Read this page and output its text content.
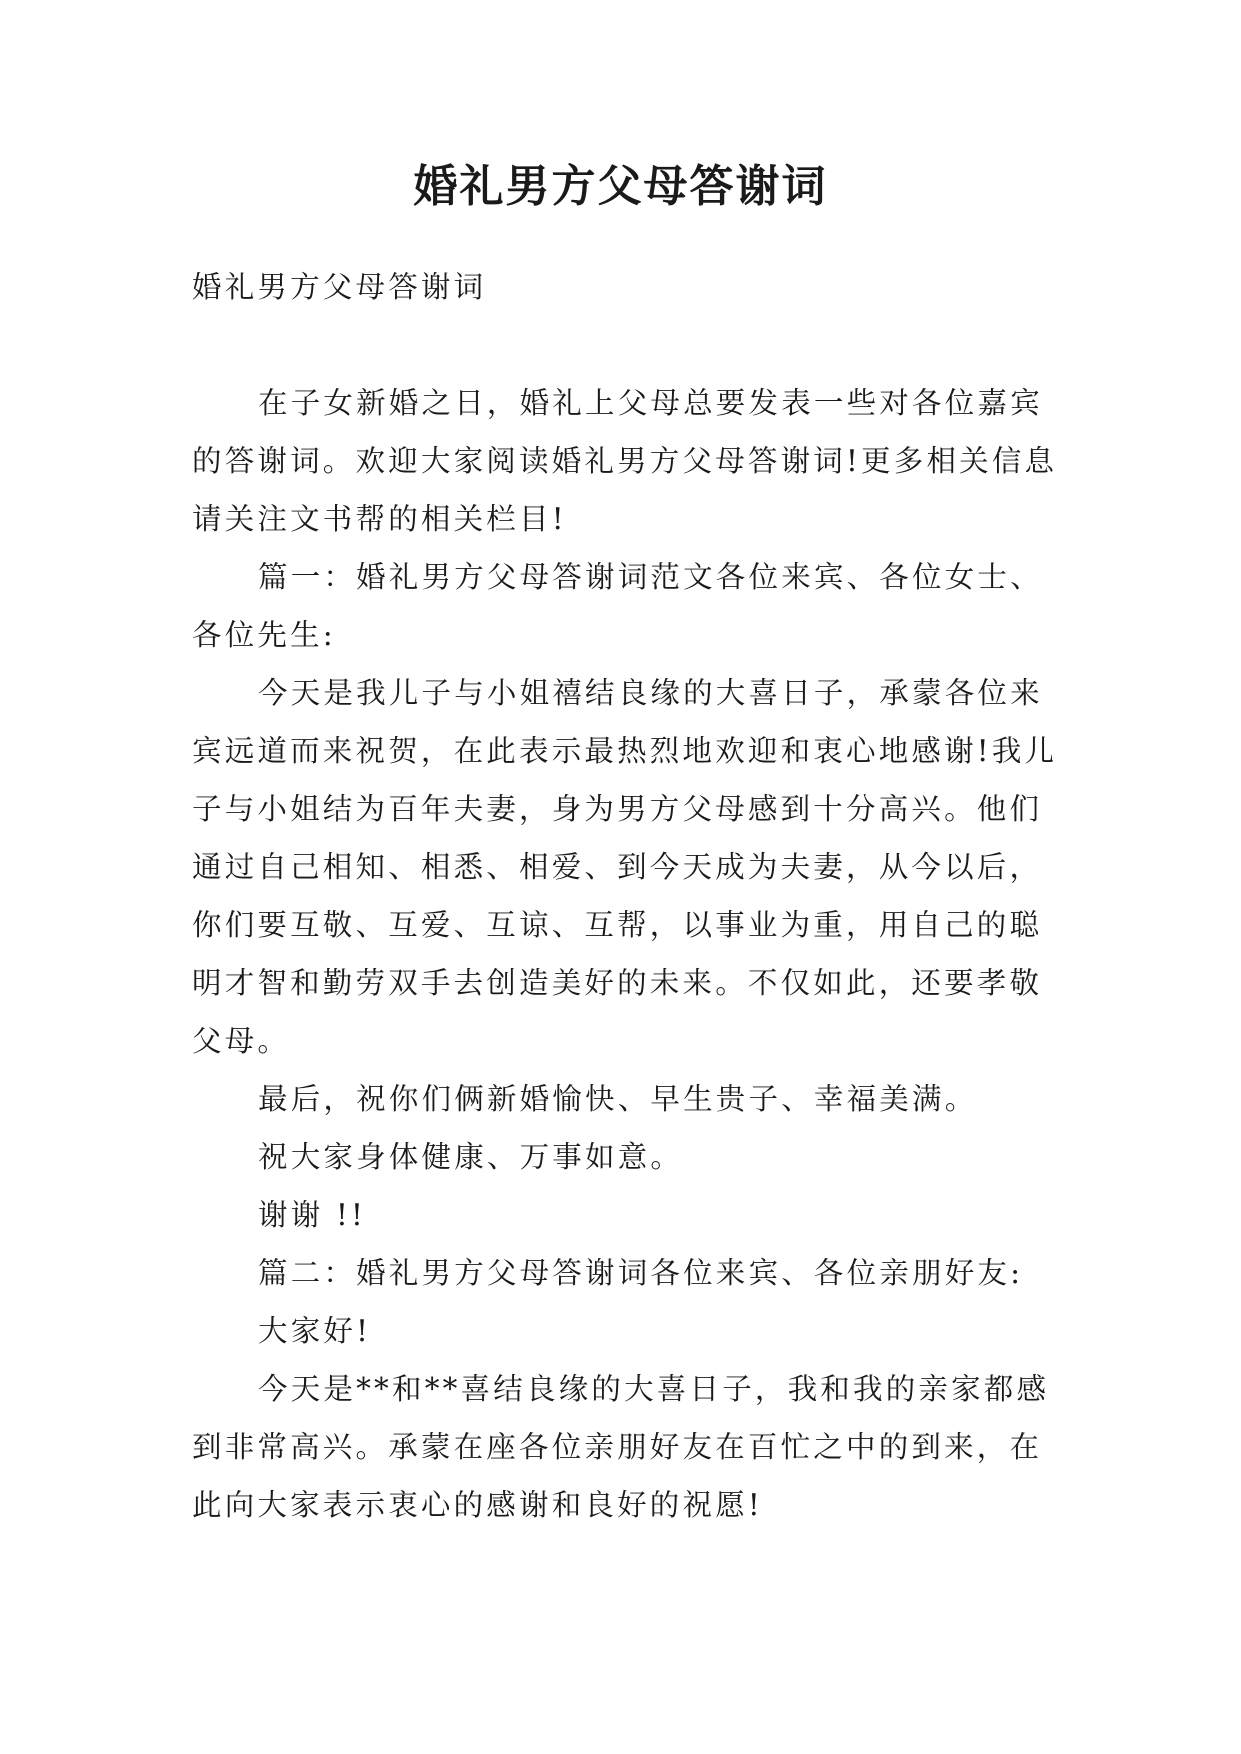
婚礼男方父母答谢词

婚礼男方父母答谢词

在子女新婚之日，婚礼上父母总要发表一些对各位嘉宾的答谢词。欢迎大家阅读婚礼男方父母答谢词!更多相关信息请关注文书帮的相关栏目!

篇一：婚礼男方父母答谢词范文各位来宾、各位女士、各位先生:

今天是我儿子与小姐禧结良缘的大喜日子，承蒙各位来宾远道而来祝贺，在此表示最热烈地欢迎和衷心地感谢!我儿子与小姐结为百年夫妻，身为男方父母感到十分高兴。他们通过自己相知、相悉、相爱、到今天成为夫妻，从今以后，你们要互敬、互爱、互谅、互帮，以事业为重，用自己的聪明才智和勤劳双手去创造美好的未来。不仅如此，还要孝敬父母。

最后，祝你们俩新婚愉快、早生贵子、幸福美满。

祝大家身体健康、万事如意。

谢谢 !!

篇二：婚礼男方父母答谢词各位来宾、各位亲朋好友:

大家好!

今天是**和**喜结良缘的大喜日子，我和我的亲家都感到非常高兴。承蒙在座各位亲朋好友在百忙之中的到来，在此向大家表示衷心的感谢和良好的祝愿!
